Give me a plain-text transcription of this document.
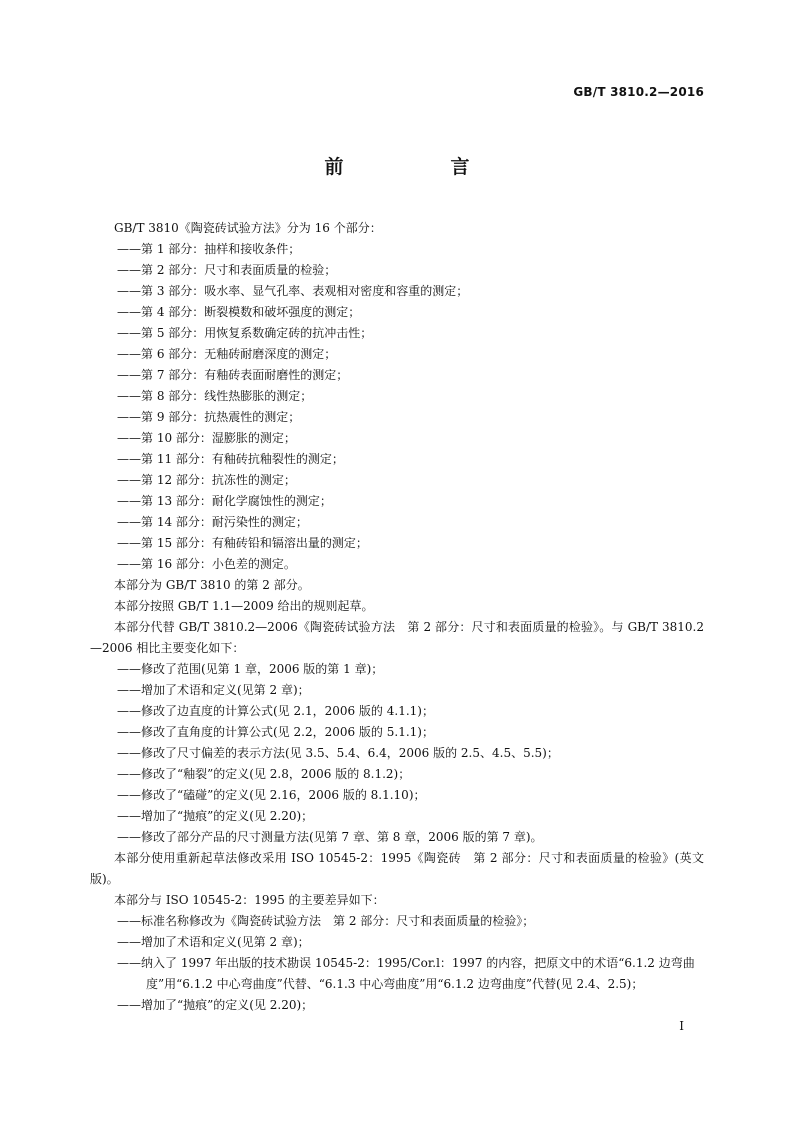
GB/T 3810.2—2016
前　言

GB/T 3810《陶瓷砖试验方法》分为 16 个部分：

——第 1 部分：抽样和接收条件；

——第 2 部分：尺寸和表面质量的检验；

——第 3 部分：吸水率、显气孔率、表观相对密度和容重的测定；

——第 4 部分：断裂模数和破坏强度的测定；

——第 5 部分：用恢复系数确定砖的抗冲击性；

——第 6 部分：无釉砖耐磨深度的测定；

——第 7 部分：有釉砖表面耐磨性的测定；

——第 8 部分：线性热膨胀的测定；

——第 9 部分：抗热震性的测定；

——第 10 部分：湿膨胀的测定；

——第 11 部分：有釉砖抗釉裂性的测定；

——第 12 部分：抗冻性的测定；

——第 13 部分：耐化学腐蚀性的测定；

——第 14 部分：耐污染性的测定；

——第 15 部分：有釉砖铅和镉溶出量的测定；

——第 16 部分：小色差的测定。

本部分为 GB/T 3810 的第 2 部分。

本部分按照 GB/T 1.1—2009 给出的规则起草。

本部分代替 GB/T 3810.2—2006《陶瓷砖试验方法　第 2 部分：尺寸和表面质量的检验》。与 GB/T 3810.2—2006 相比主要变化如下：

——修改了范围(见第 1 章，2006 版的第 1 章)；

——增加了术语和定义(见第 2 章)；

——修改了边直度的计算公式(见 2.1，2006 版的 4.1.1)；

——修改了直角度的计算公式(见 2.2，2006 版的 5.1.1)；

——修改了尺寸偏差的表示方法(见 3.5、5.4、6.4，2006 版的 2.5、4.5、5.5)；

——修改了“釉裂”的定义(见 2.8，2006 版的 8.1.2)；

——修改了“磕碰”的定义(见 2.16，2006 版的 8.1.10)；

——增加了“抛痕”的定义(见 2.20)；

——修改了部分产品的尺寸测量方法(见第 7 章、第 8 章，2006 版的第 7 章)。

本部分使用重新起草法修改采用 ISO 10545-2：1995《陶瓷砖　第 2 部分：尺寸和表面质量的检验》(英文版)。

本部分与 ISO 10545-2：1995 的主要差异如下：

——标准名称修改为《陶瓷砖试验方法　第 2 部分：尺寸和表面质量的检验》；

——增加了术语和定义(见第 2 章)；

——纳入了 1997 年出版的技术勘误 10545-2：1995/Cor.l：1997 的内容，把原文中的术语“6.1.2 边弯曲度”用“6.1.2 中心弯曲度”代替、“6.1.3 中心弯曲度”用“6.1.2 边弯曲度”代替(见 2.4、2.5)；

——增加了“抛痕”的定义(见 2.20)；

I
